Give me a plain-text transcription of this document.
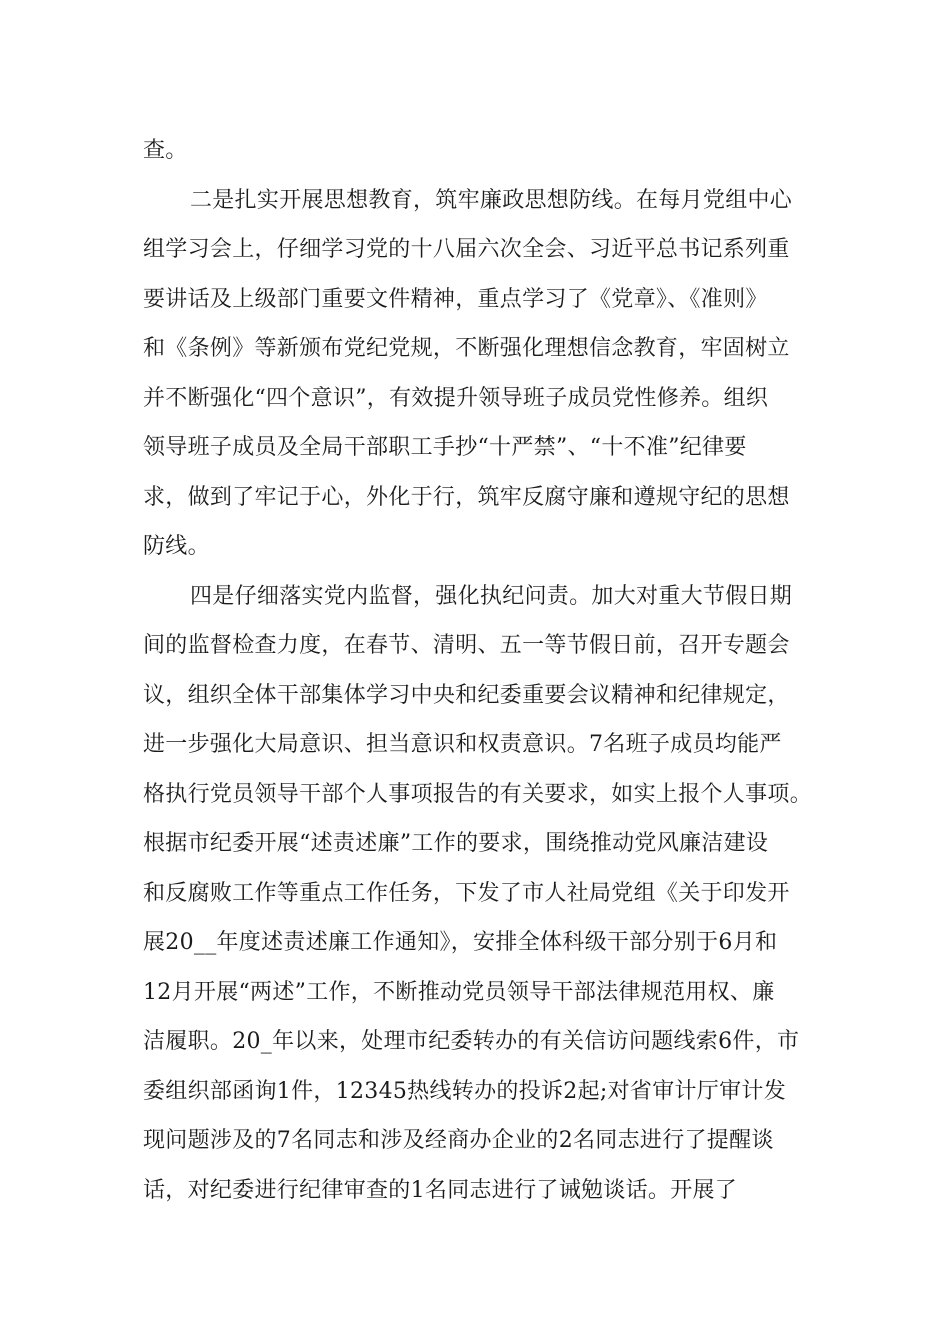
查。
二是扎实开展思想教育，筑牢廉政思想防线。在每月党组中心
组学习会上，仔细学习党的十八届六次全会、习近平总书记系列重
要讲话及上级部门重要文件精神，重点学习了《党章》、《准则》
和《条例》等新颁布党纪党规，不断强化理想信念教育，牢固树立
并不断强化“四个意识”，有效提升领导班子成员党性修养。组织
领导班子成员及全局干部职工手抄“十严禁”、“十不准”纪律要
求，做到了牢记于心，外化于行，筑牢反腐守廉和遵规守纪的思想
防线。
四是仔细落实党内监督，强化执纪问责。加大对重大节假日期
间的监督检查力度，在春节、清明、五一等节假日前，召开专题会
议，组织全体干部集体学习中央和纪委重要会议精神和纪律规定，
进一步强化大局意识、担当意识和权责意识。7名班子成员均能严
格执行党员领导干部个人事项报告的有关要求，如实上报个人事项。
根据市纪委开展“述责述廉”工作的要求，围绕推动党风廉洁建设
和反腐败工作等重点工作任务，下发了市人社局党组《关于印发开
展20__年度述责述廉工作通知》，安排全体科级干部分别于6月和
12月开展“两述”工作，不断推动党员领导干部法律规范用权、廉
洁履职。20_年以来，处理市纪委转办的有关信访问题线索6件，市
委组织部函询1件，12345热线转办的投诉2起;对省审计厅审计发
现问题涉及的7名同志和涉及经商办企业的2名同志进行了提醒谈
话，对纪委进行纪律审查的1名同志进行了诫勉谈话。开展了
